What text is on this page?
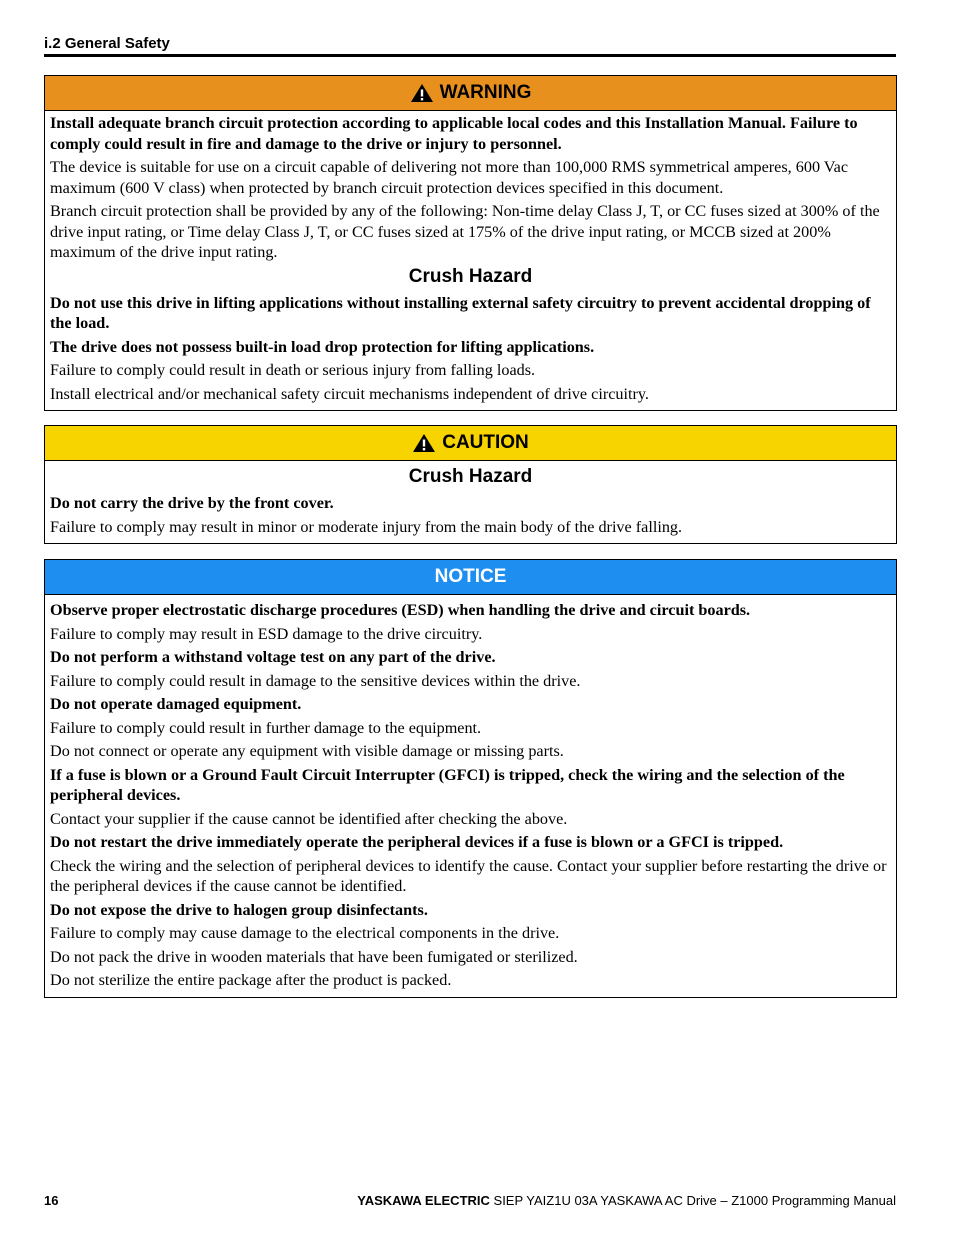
i.2 General Safety
WARNING

Install adequate branch circuit protection according to applicable local codes and this Installation Manual. Failure to comply could result in fire and damage to the drive or injury to personnel.

The device is suitable for use on a circuit capable of delivering not more than 100,000 RMS symmetrical amperes, 600 Vac maximum (600 V class) when protected by branch circuit protection devices specified in this document.

Branch circuit protection shall be provided by any of the following: Non-time delay Class J, T, or CC fuses sized at 300% of the drive input rating, or Time delay Class J, T, or CC fuses sized at 175% of the drive input rating, or MCCB sized at 200% maximum of the drive input rating.

Crush Hazard

Do not use this drive in lifting applications without installing external safety circuitry to prevent accidental dropping of the load.

The drive does not possess built-in load drop protection for lifting applications.

Failure to comply could result in death or serious injury from falling loads.

Install electrical and/or mechanical safety circuit mechanisms independent of drive circuitry.

CAUTION
Crush Hazard

Do not carry the drive by the front cover.

Failure to comply may result in minor or moderate injury from the main body of the drive falling.

NOTICE

Observe proper electrostatic discharge procedures (ESD) when handling the drive and circuit boards.

Failure to comply may result in ESD damage to the drive circuitry.

Do not perform a withstand voltage test on any part of the drive.

Failure to comply could result in damage to the sensitive devices within the drive.

Do not operate damaged equipment.

Failure to comply could result in further damage to the equipment.

Do not connect or operate any equipment with visible damage or missing parts.

If a fuse is blown or a Ground Fault Circuit Interrupter (GFCI) is tripped, check the wiring and the selection of the peripheral devices.

Contact your supplier if the cause cannot be identified after checking the above.

Do not restart the drive immediately operate the peripheral devices if a fuse is blown or a GFCI is tripped.

Check the wiring and the selection of peripheral devices to identify the cause. Contact your supplier before restarting the drive or the peripheral devices if the cause cannot be identified.

Do not expose the drive to halogen group disinfectants.

Failure to comply may cause damage to the electrical components in the drive.

Do not pack the drive in wooden materials that have been fumigated or sterilized.

Do not sterilize the entire package after the product is packed.

16	YASKAWA ELECTRIC SIEP YAIZ1U 03A YASKAWA AC Drive – Z1000 Programming Manual
